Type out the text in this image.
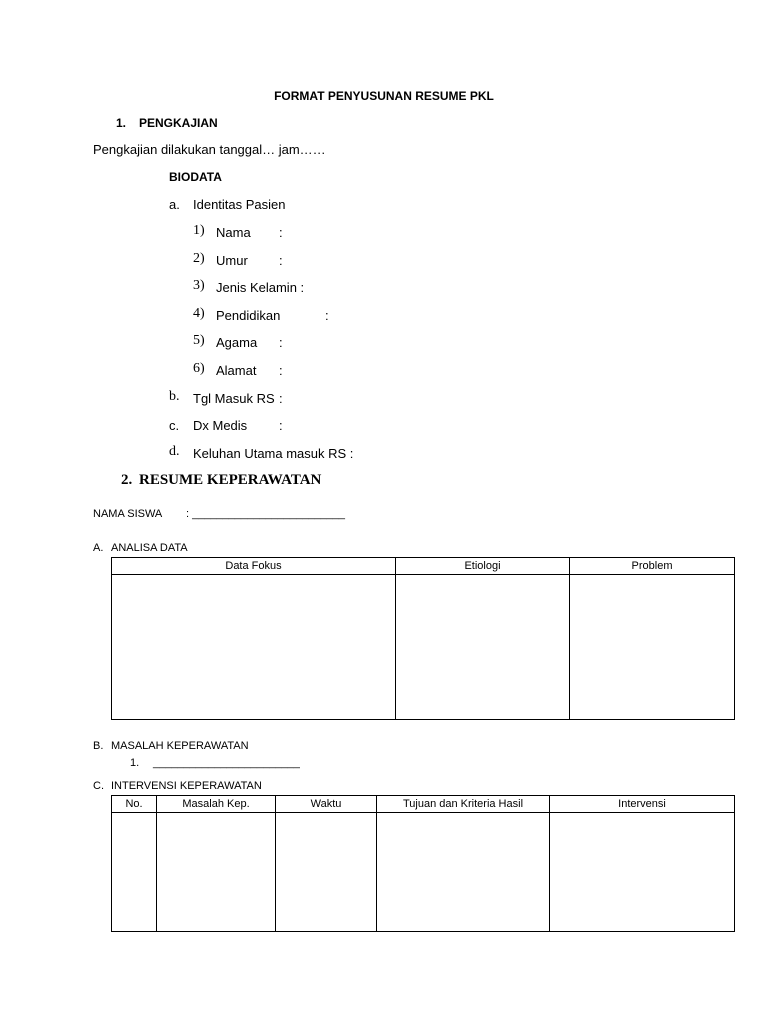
FORMAT PENYUSUNAN RESUME PKL
1. PENGKAJIAN
Pengkajian dilakukan tanggal… jam……
BIODATA
a. Identitas Pasien
1) Nama :
2) Umur :
3) Jenis Kelamin :
4) Pendidikan	:
5) Agama :
6) Alamat :
b. Tgl Masuk RS :
c. Dx Medis :
d. Keluhan Utama masuk RS :
2. RESUME KEPERAWATAN
NAMA SISWA : _________________________
A. ANALISA DATA
Data Fokus	Etiologi	Problem

B. MASALAH KEPERAWATAN
1. ________________________
C. INTERVENSI KEPERAWATAN
No.	Masalah Kep.	Waktu	Tujuan dan Kriteria Hasil	Intervensi
